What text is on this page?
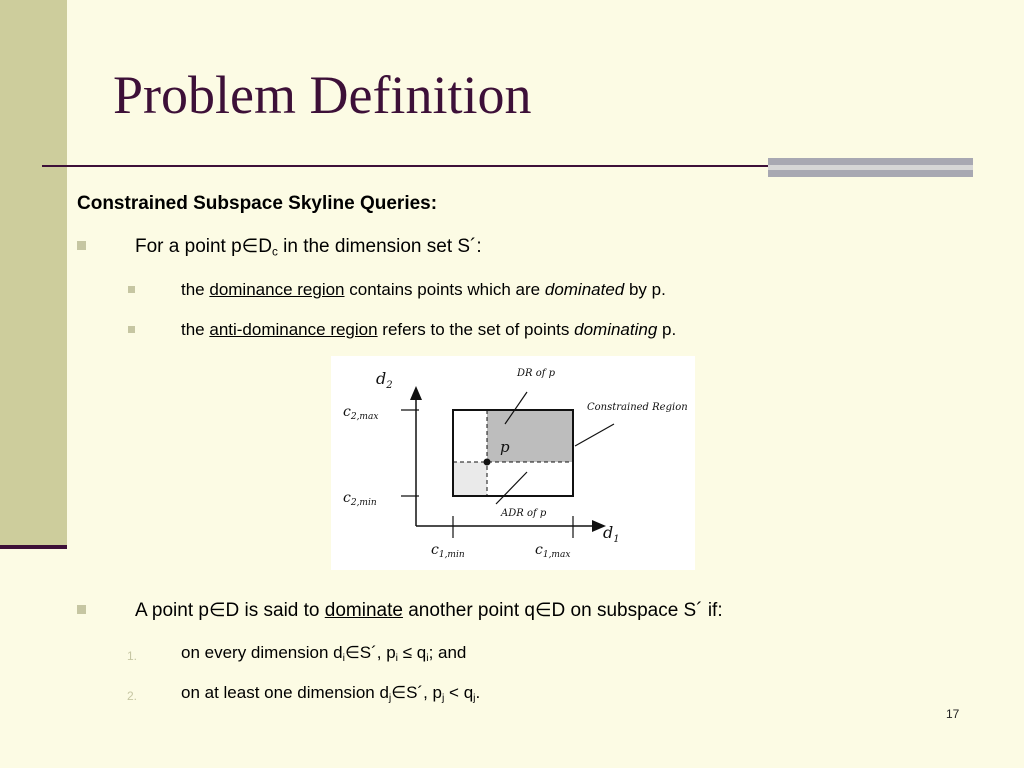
Problem Definition
Constrained Subspace Skyline Queries:
For a point $p\in D_c$ in the dimension set S´:
the dominance region contains points which are dominated by p.
the anti-dominance region refers to the set of points dominating p.
$d_2$
$c_{2,max}$
$c_{2,min}$
$c_{1,min}$	$c_{1,max}$
$d_1$
DR of p
Constrained Region
p
ADR of p
A point p∈D is said to dominate another point q∈D on subspace S´ if:
1.	on every dimension $d_i\in S´$, $p_i \le q_i$; and
2.	on at least one dimension $d_j\in S´$, $p_j < q_j$.
17
